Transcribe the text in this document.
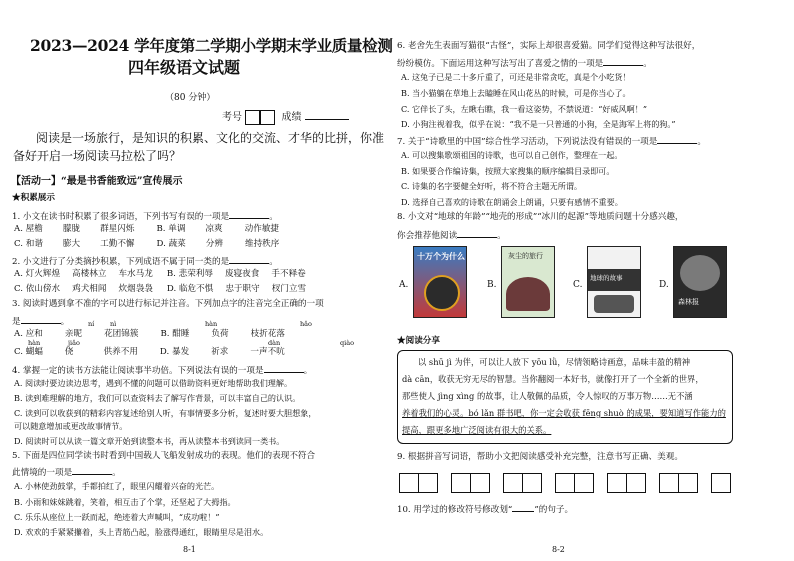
2023—2024 学年度第二学期小学期末学业质量检测
四年级语文试题
（80 分钟）
考号	成绩
阅读是一场旅行，是知识的积累、文化的交流、才华的比拼，你准
备好开启一场阅读马拉松了吗？
【活动一】“最是书香能致远”宣传展示
★积累展示
1. 小文在读书时积累了很多词语，下列书写有误的一项是	。
A. 屋檐 朦胧 群星闪烁	B. 单调 凉爽	动作敏捷
C. 和谐 膨大 工勤不懈	D. 蔬菜 分辨	维持秩序
2. 小文进行了分类摘抄积累，下列成语不属于同一类的是	。
A. 灯火辉煌 高楼林立 车水马龙 B. 悲荣利辱 废寝夜食 手不释卷
C. 依山傍水 鸡犬相闻 炊烟袅袅 D. 临危不惧 忠于职守 杈门立雪
3. 阅读时遇到拿不准的字可以进行标记并注音。下列加点字的注音完全正确的一项
是	。	ní nì	hàn	hǎo
A. 应和	亲昵	花团锦簇	B. 酣睡	负荷	枝折花落
hàn	jiǎo	dàn	qiào
C. 蝴蝠	侥	供养不用	D. 暴发	祈求	一声不吭
4. 掌握一定的读书方法能让阅读事半功倍。下列说法有误的一项是	。
A. 阅读时要边读边思考，遇到不懂的问题可以借助资料更好地帮助我们理解。
B. 读到难理解的地方，我们可以查资料去了解写作背景，可以丰富自己的认识。
C. 读到可以收获到的精彩内容复述给别人听，有事情要多分析，复述时要大胆想象，
可以随意增加或更改故事情节。
D. 阅读时可以从读一篇文章开始到读整本书，再从读整本书到读同一类书。
5. 下面是四位同学读书时看到中国载人飞船发射成功的表现。他们的表现不符合
此情境的一项是	。
A. 小林使劲鼓掌，手都拍红了，眼里闪耀着兴奋的光芒。
B. 小雨和妹妹跳着，笑着，相互击了个掌，还坚起了大拇指。
C. 乐乐从座位上一跃而起，绝迹着大声喊叫，“成功啦！”
D. 欢欢的手紧紧攥着，头上青筋凸起，脸涨得通红，眼睛里尽是泪水。
8-1
6. 老舍先生表面写猫很“古怪”，实际上却很喜爱猫。同学们觉得这种写法很好，
纷纷模仿。下面运用这种写法写出了喜爱之情的一项是	。
A. 这兔子已是二十多斤重了，可还是非常贪吃，真是个小吃货！
B. 当小猫躺在草地上去瞌睡在风山花丛的时候，可是你当心了。
C. 它伴长了头，左瞅右瞧，我一看这姿势，不禁说道：“好威风啊！”
D. 小狗注视着我，似乎在说：“我不是一只普通的小狗，全是海军上将的狗。”
7. 关于“诗歌里的中国”综合性学习活动，下列说法没有错误的一项是	。
A. 可以搜集歌颂祖国的诗歌，也可以自己创作，整理在一起。
B. 如果要合作编诗集，按照大家搜集的顺序编辑目录即可。
C. 诗集的名字要健全好听，将不符合主题无所谓。
D. 选择自己喜欢的诗歌在朗诵会上朗诵，只要有感情不重要。
8. 小文对“地球的年龄”“地壳的形成”“冰川的起源”等地质问题十分感兴趣，
你会推荐他阅读	。
A.
十万个为什么
B.
灰尘的旅行
C.
地球的故事
D.
森林报
★阅读分享
以 shū jì 为伴，可以让人放下 yōu lǜ，尽情领略诗画意，品味丰盈的精神
dà cān，收获无穷无尽的智慧。当你翻阅一本好书，就像打开了一个全新的世界，
那些使人 jìng xìng 的故事，让人敬佩的品质，令人惊叹的万事万物……无不涵
养着我们的心灵。bó lǎn 群书吧，你一定会收获 fēng shuò 的成果，要知道写作能力的
提高，跟更多地广泛阅读有很大的关系。
9. 根据拼音写词语，帮助小文把阅读感受补充完整，注意书写正确、美观。
10. 用学过的修改符号修改划“	”的句子。
8-2
